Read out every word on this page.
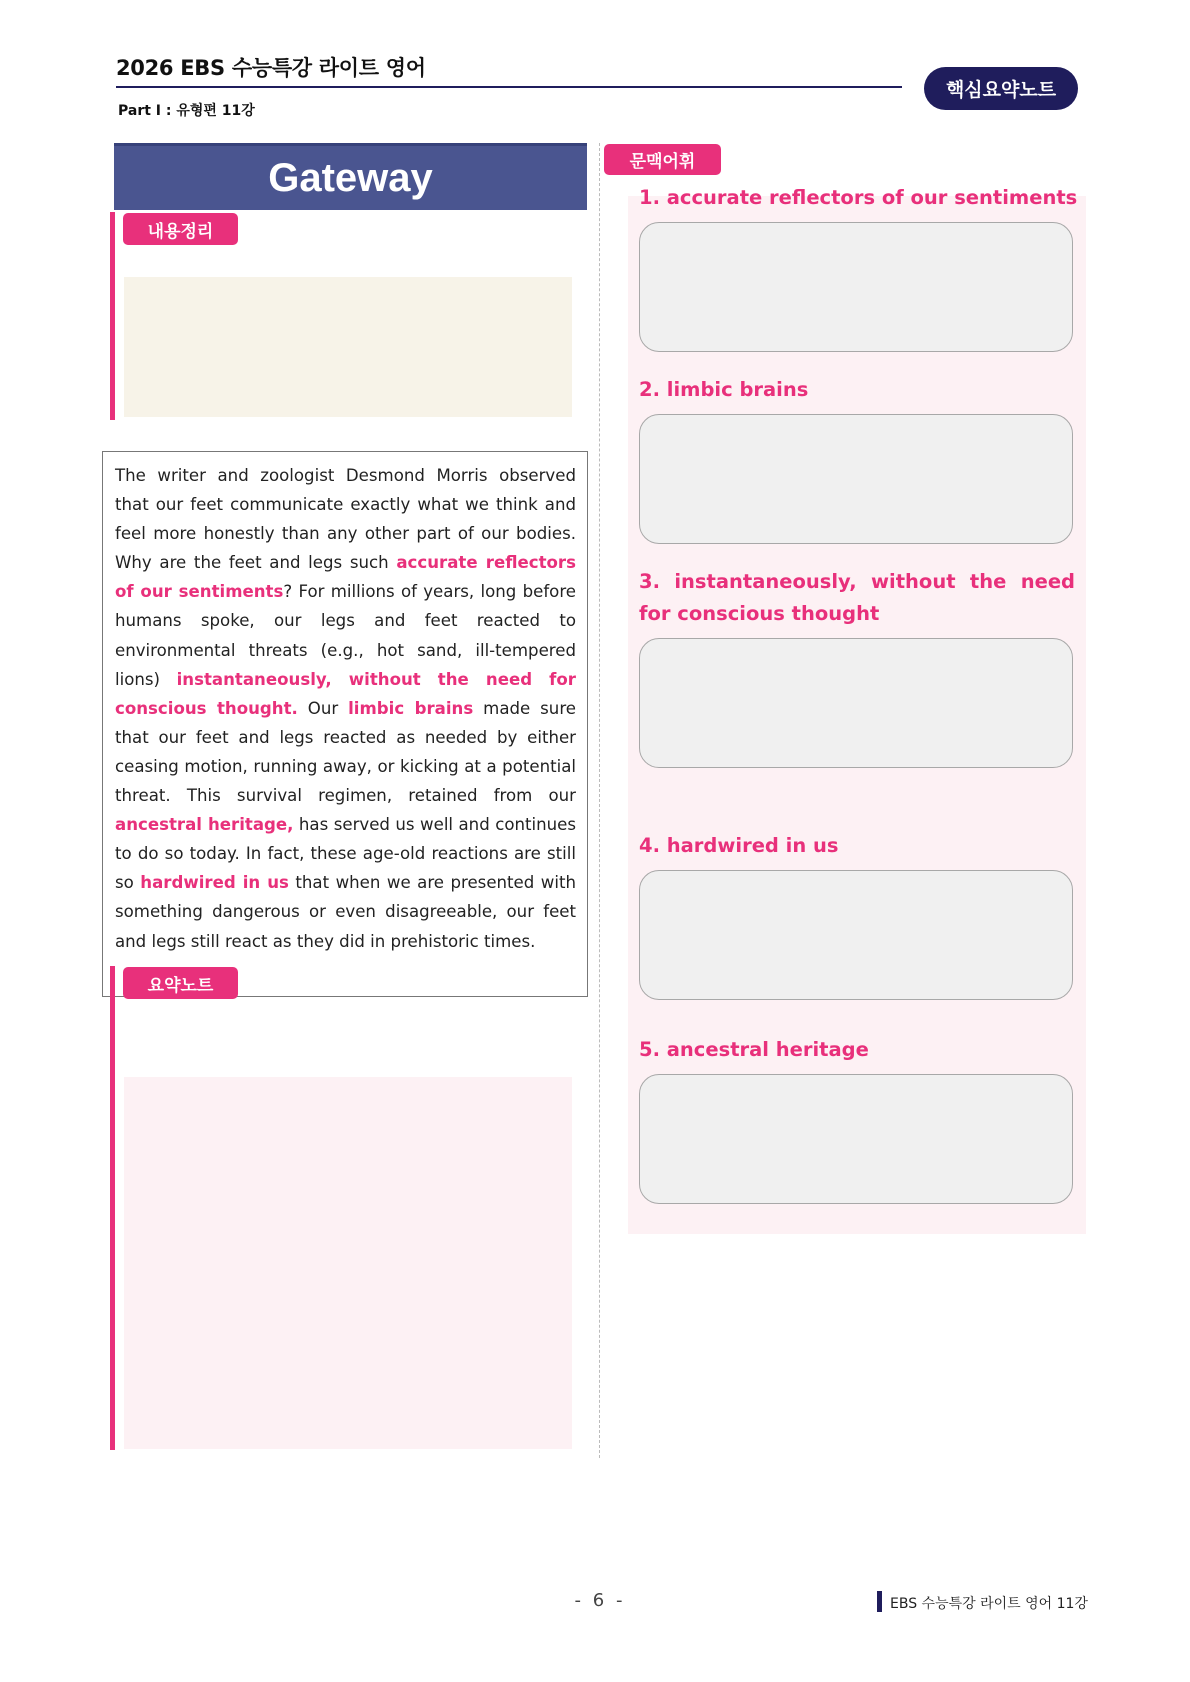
2026 EBS 수능특강 라이트 영어
Part Ⅰ : 유형편 11강
핵심요약노트
Gateway
내용정리
The writer and zoologist Desmond Morris observed that our feet communicate exactly what we think and feel more honestly than any other part of our bodies. Why are the feet and legs such accurate reflectors of our sentiments? For millions of years, long before humans spoke, our legs and feet reacted to environmental threats (e.g., hot sand, ill-tempered lions) instantaneously, without the need for conscious thought. Our limbic brains made sure that our feet and legs reacted as needed by either ceasing motion, running away, or kicking at a potential threat. This survival regimen, retained from our ancestral heritage, has served us well and continues to do so today. In fact, these age-old reactions are still so hardwired in us that when we are presented with something dangerous or even disagreeable, our feet and legs still react as they did in prehistoric times.
요약노트
문맥어휘
1. accurate reflectors of our sentiments
2. limbic brains
3. instantaneously, without the need for conscious thought
4. hardwired in us
5. ancestral heritage
- 6 -	EBS 수능특강 라이트 영어 11강
